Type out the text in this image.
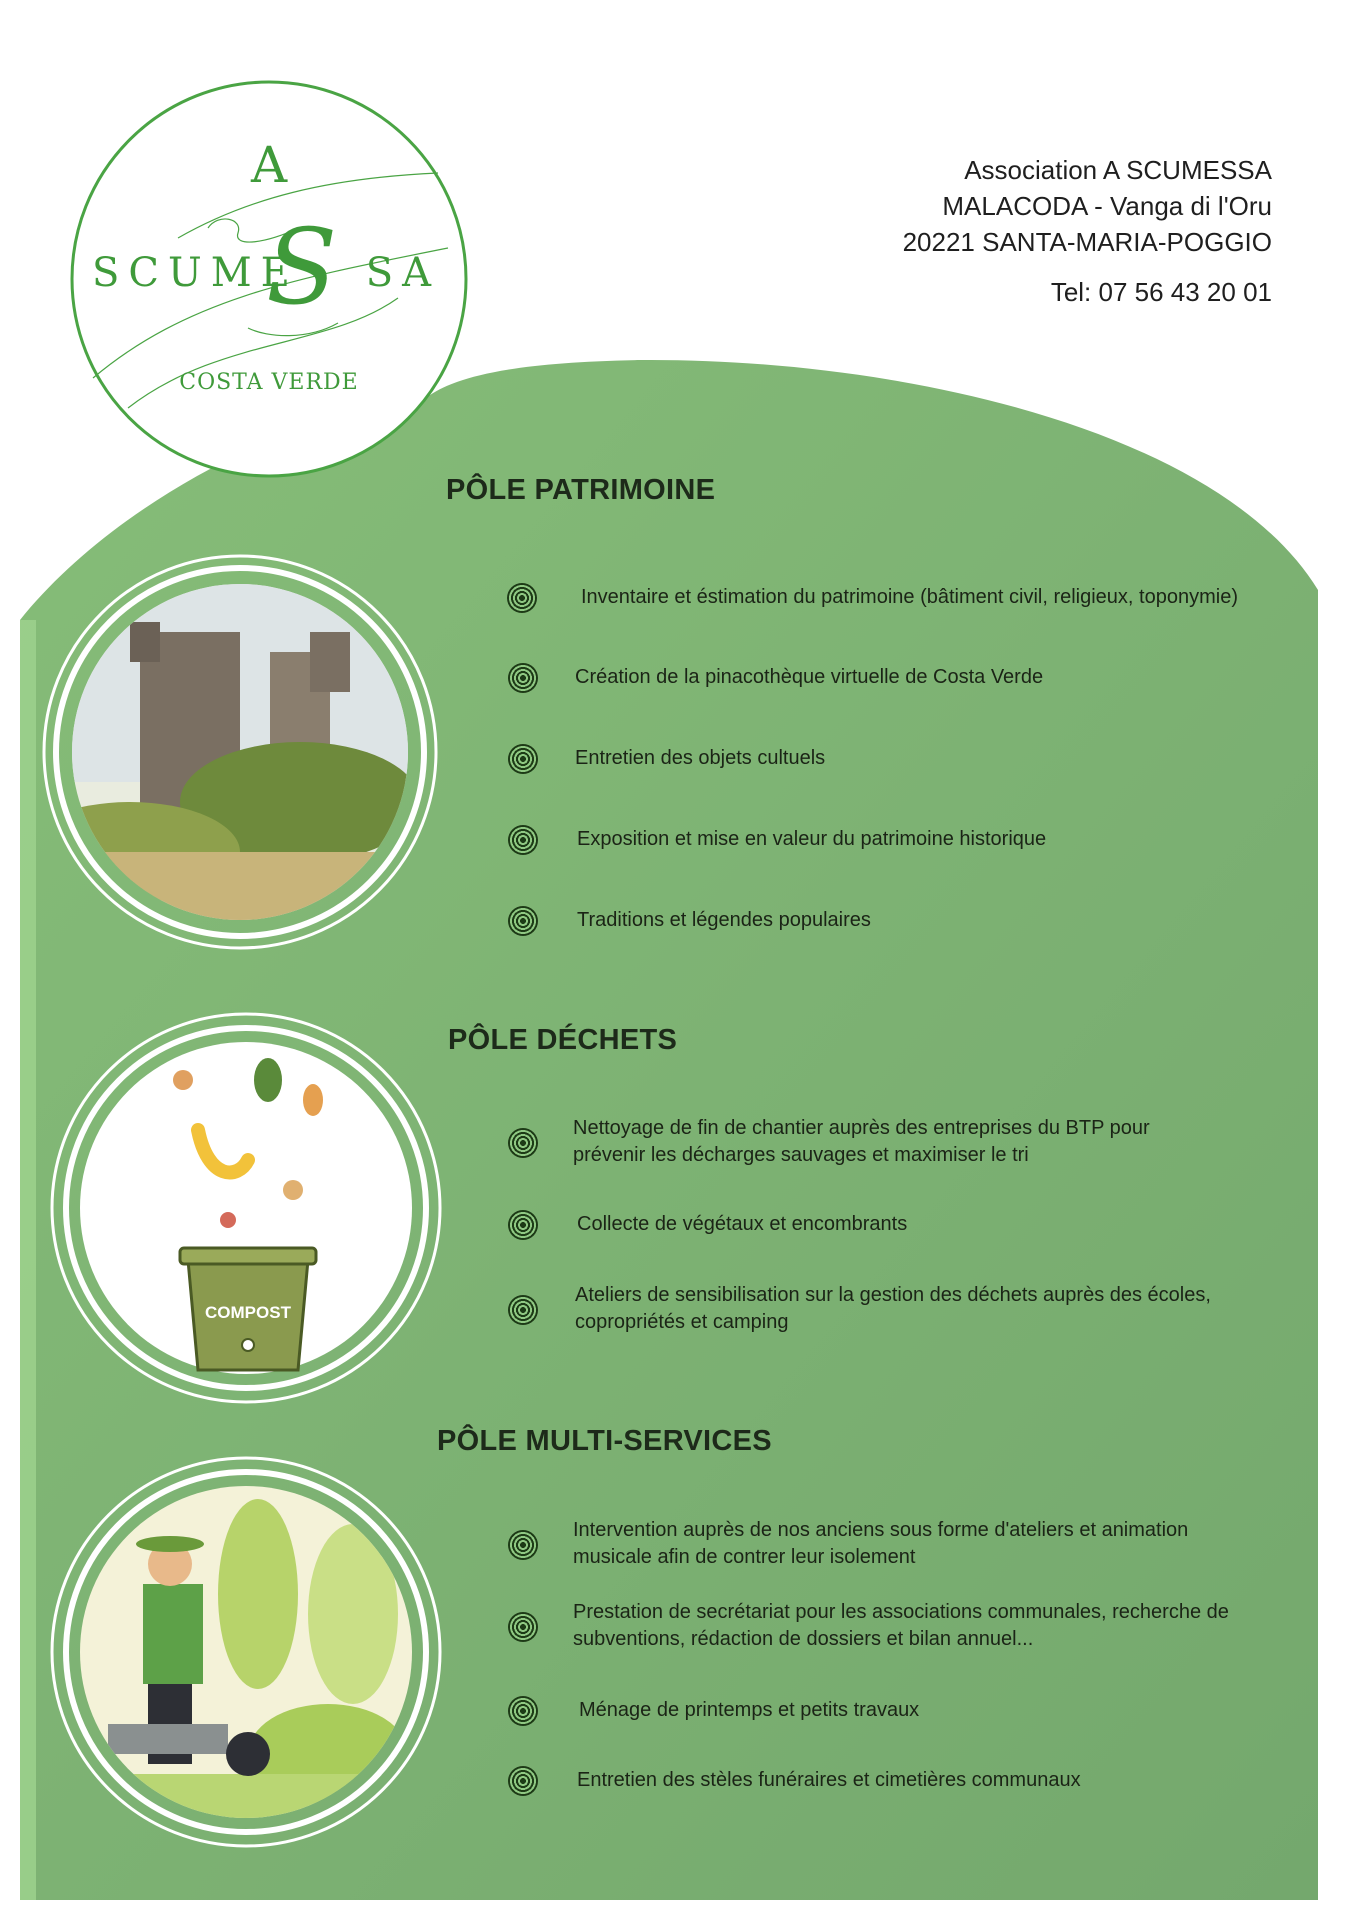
A
SCUME
S SA
COSTA VERDE
Association A SCUMESSA
MALACODA - Vanga di l'Oru
20221 SANTA-MARIA-POGGIO

Tel: 07 56 43 20 01
COMPOST
PÔLE PATRIMOINE
PÔLE DÉCHETS
PÔLE MULTI-SERVICES
Inventaire et éstimation du patrimoine (bâtiment civil, religieux, toponymie)
Création de la pinacothèque virtuelle de Costa Verde
Entretien des objets cultuels
Exposition et mise en valeur du patrimoine historique
Traditions et légendes populaires
Nettoyage de fin de chantier auprès des entreprises du BTP pour prévenir les décharges sauvages et maximiser le tri
Collecte de végétaux et encombrants
Ateliers de sensibilisation sur la gestion des déchets auprès des écoles, copropriétés et camping
Intervention auprès de nos anciens sous forme d'ateliers et animation musicale afin de contrer leur isolement
Prestation de secrétariat pour les associations communales, recherche de subventions, rédaction de dossiers et bilan annuel...
Ménage de printemps et petits travaux
Entretien des stèles funéraires et cimetières communaux
